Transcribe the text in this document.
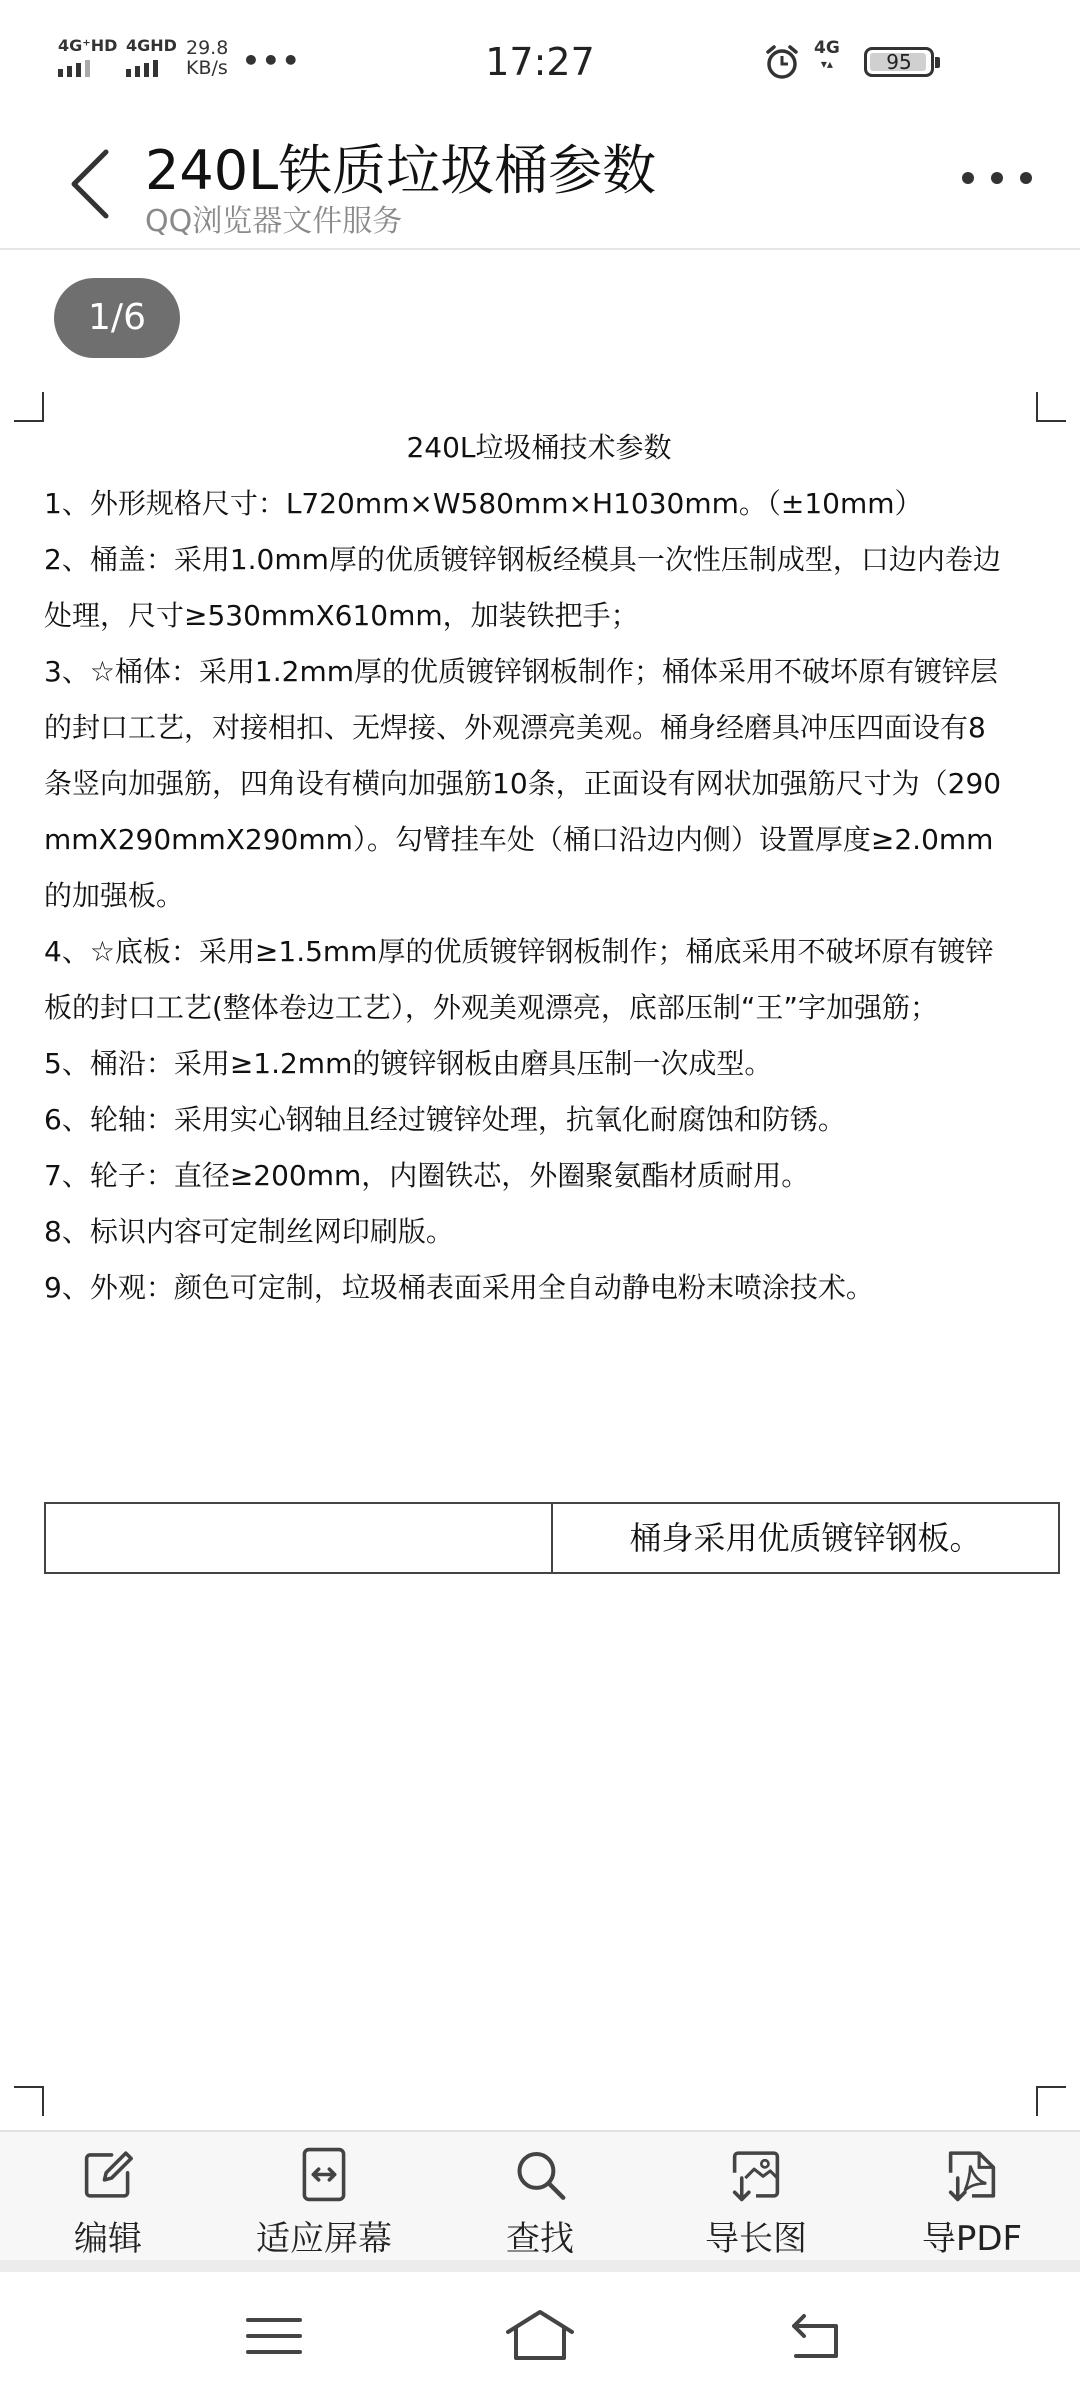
4G⁺HD 4GHD 29.8
KB/s •••	17:27	4G
▾▴	95
240L铁质垃圾桶参数
QQ浏览器文件服务
1/6
240L垃圾桶技术参数
1、外形规格尺寸：L720mm×W580mm×H1030mm。（±10mm）
2、桶盖：采用1.0mm厚的优质镀锌钢板经模具一次性压制成型，口边内卷边
处理，尺寸≥530mmX610mm，加装铁把手；
3、☆桶体：采用1.2mm厚的优质镀锌钢板制作；桶体采用不破坏原有镀锌层
的封口工艺，对接相扣、无焊接、外观漂亮美观。桶身经磨具冲压四面设有8
条竖向加强筋，四角设有横向加强筋10条，正面设有网状加强筋尺寸为（290
mmX290mmX290mm）。勾臂挂车处（桶口沿边内侧）设置厚度≥2.0mm
的加强板。
4、☆底板：采用≥1.5mm厚的优质镀锌钢板制作；桶底采用不破坏原有镀锌
板的封口工艺(整体卷边工艺），外观美观漂亮，底部压制“王”字加强筋；
5、桶沿：采用≥1.2mm的镀锌钢板由磨具压制一次成型。
6、轮轴：采用实心钢轴且经过镀锌处理，抗氧化耐腐蚀和防锈。
7、轮子：直径≥200mm，内圈铁芯，外圈聚氨酯材质耐用。
8、标识内容可定制丝网印刷版。
9、外观：颜色可定制，垃圾桶表面采用全自动静电粉末喷涂技术。
桶身采用优质镀锌钢板。
编辑	适应屏幕	查找	导长图	导PDF
